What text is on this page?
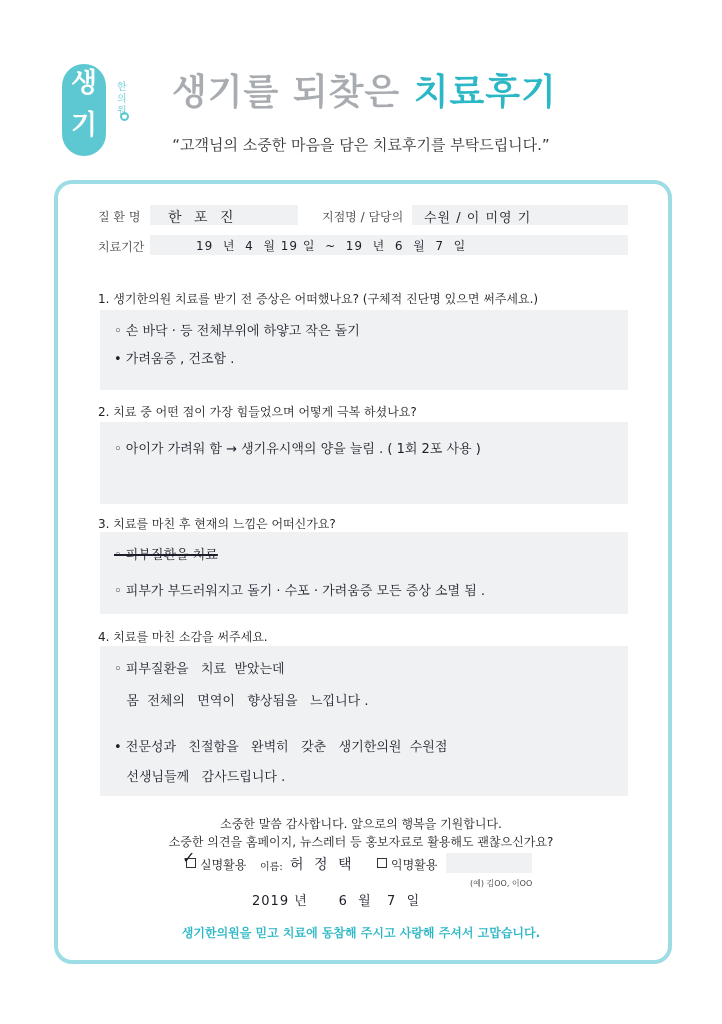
생
기
한의원 생기를 되찾은 치료후기
“고객님의 소중한 마음을 담은 치료후기를 부탁드립니다.”
질 환 명 한 포 진	지점명 / 담당의 수원 / 이 미영 기
치료기간	19  년  4  월 19 일  ~  19  년  6  월  7  일
1. 생기한의원 치료를 받기 전 증상은 어떠했나요? (구체적 진단명 있으면 써주세요.)
◦ 손 바닥 · 등 전체부위에 하얗고 작은 돌기
• 가려움증 , 건조함 .
2. 치료 중 어떤 점이 가장 힘들었으며 어떻게 극복 하셨나요?
◦ 아이가 가려워 함 → 생기유시액의 양을 늘림 . ( 1회 2포 사용 )
3. 치료를 마친 후 현재의 느낌은 어떠신가요?
◦ 피부질환을 치료
◦ 피부가 부드러워지고 돌기 · 수포 · 가려움증 모든 증상 소멸 됨 .
4. 치료를 마친 소감을 써주세요.
◦ 피부질환을   치료  받았는데
몸  전체의   면역이   향상됨을   느낍니다 .
• 전문성과   친절함을   완벽히   갖춘   생기한의원  수원점
선생님들께   감사드립니다 .
소중한 말씀 감사합니다. 앞으로의 행복을 기원합니다.
소중한 의견을 홈페이지, 뉴스레터 등 홍보자료로 활용해도 괜찮으신가요?
✓ 실명활용 이름: 허 정 택	익명활용
(예) 김OO, 이OO
2019 년      6  월   7  일
생기한의원을 믿고 치료에 동참해 주시고 사랑해 주셔서 고맙습니다.
